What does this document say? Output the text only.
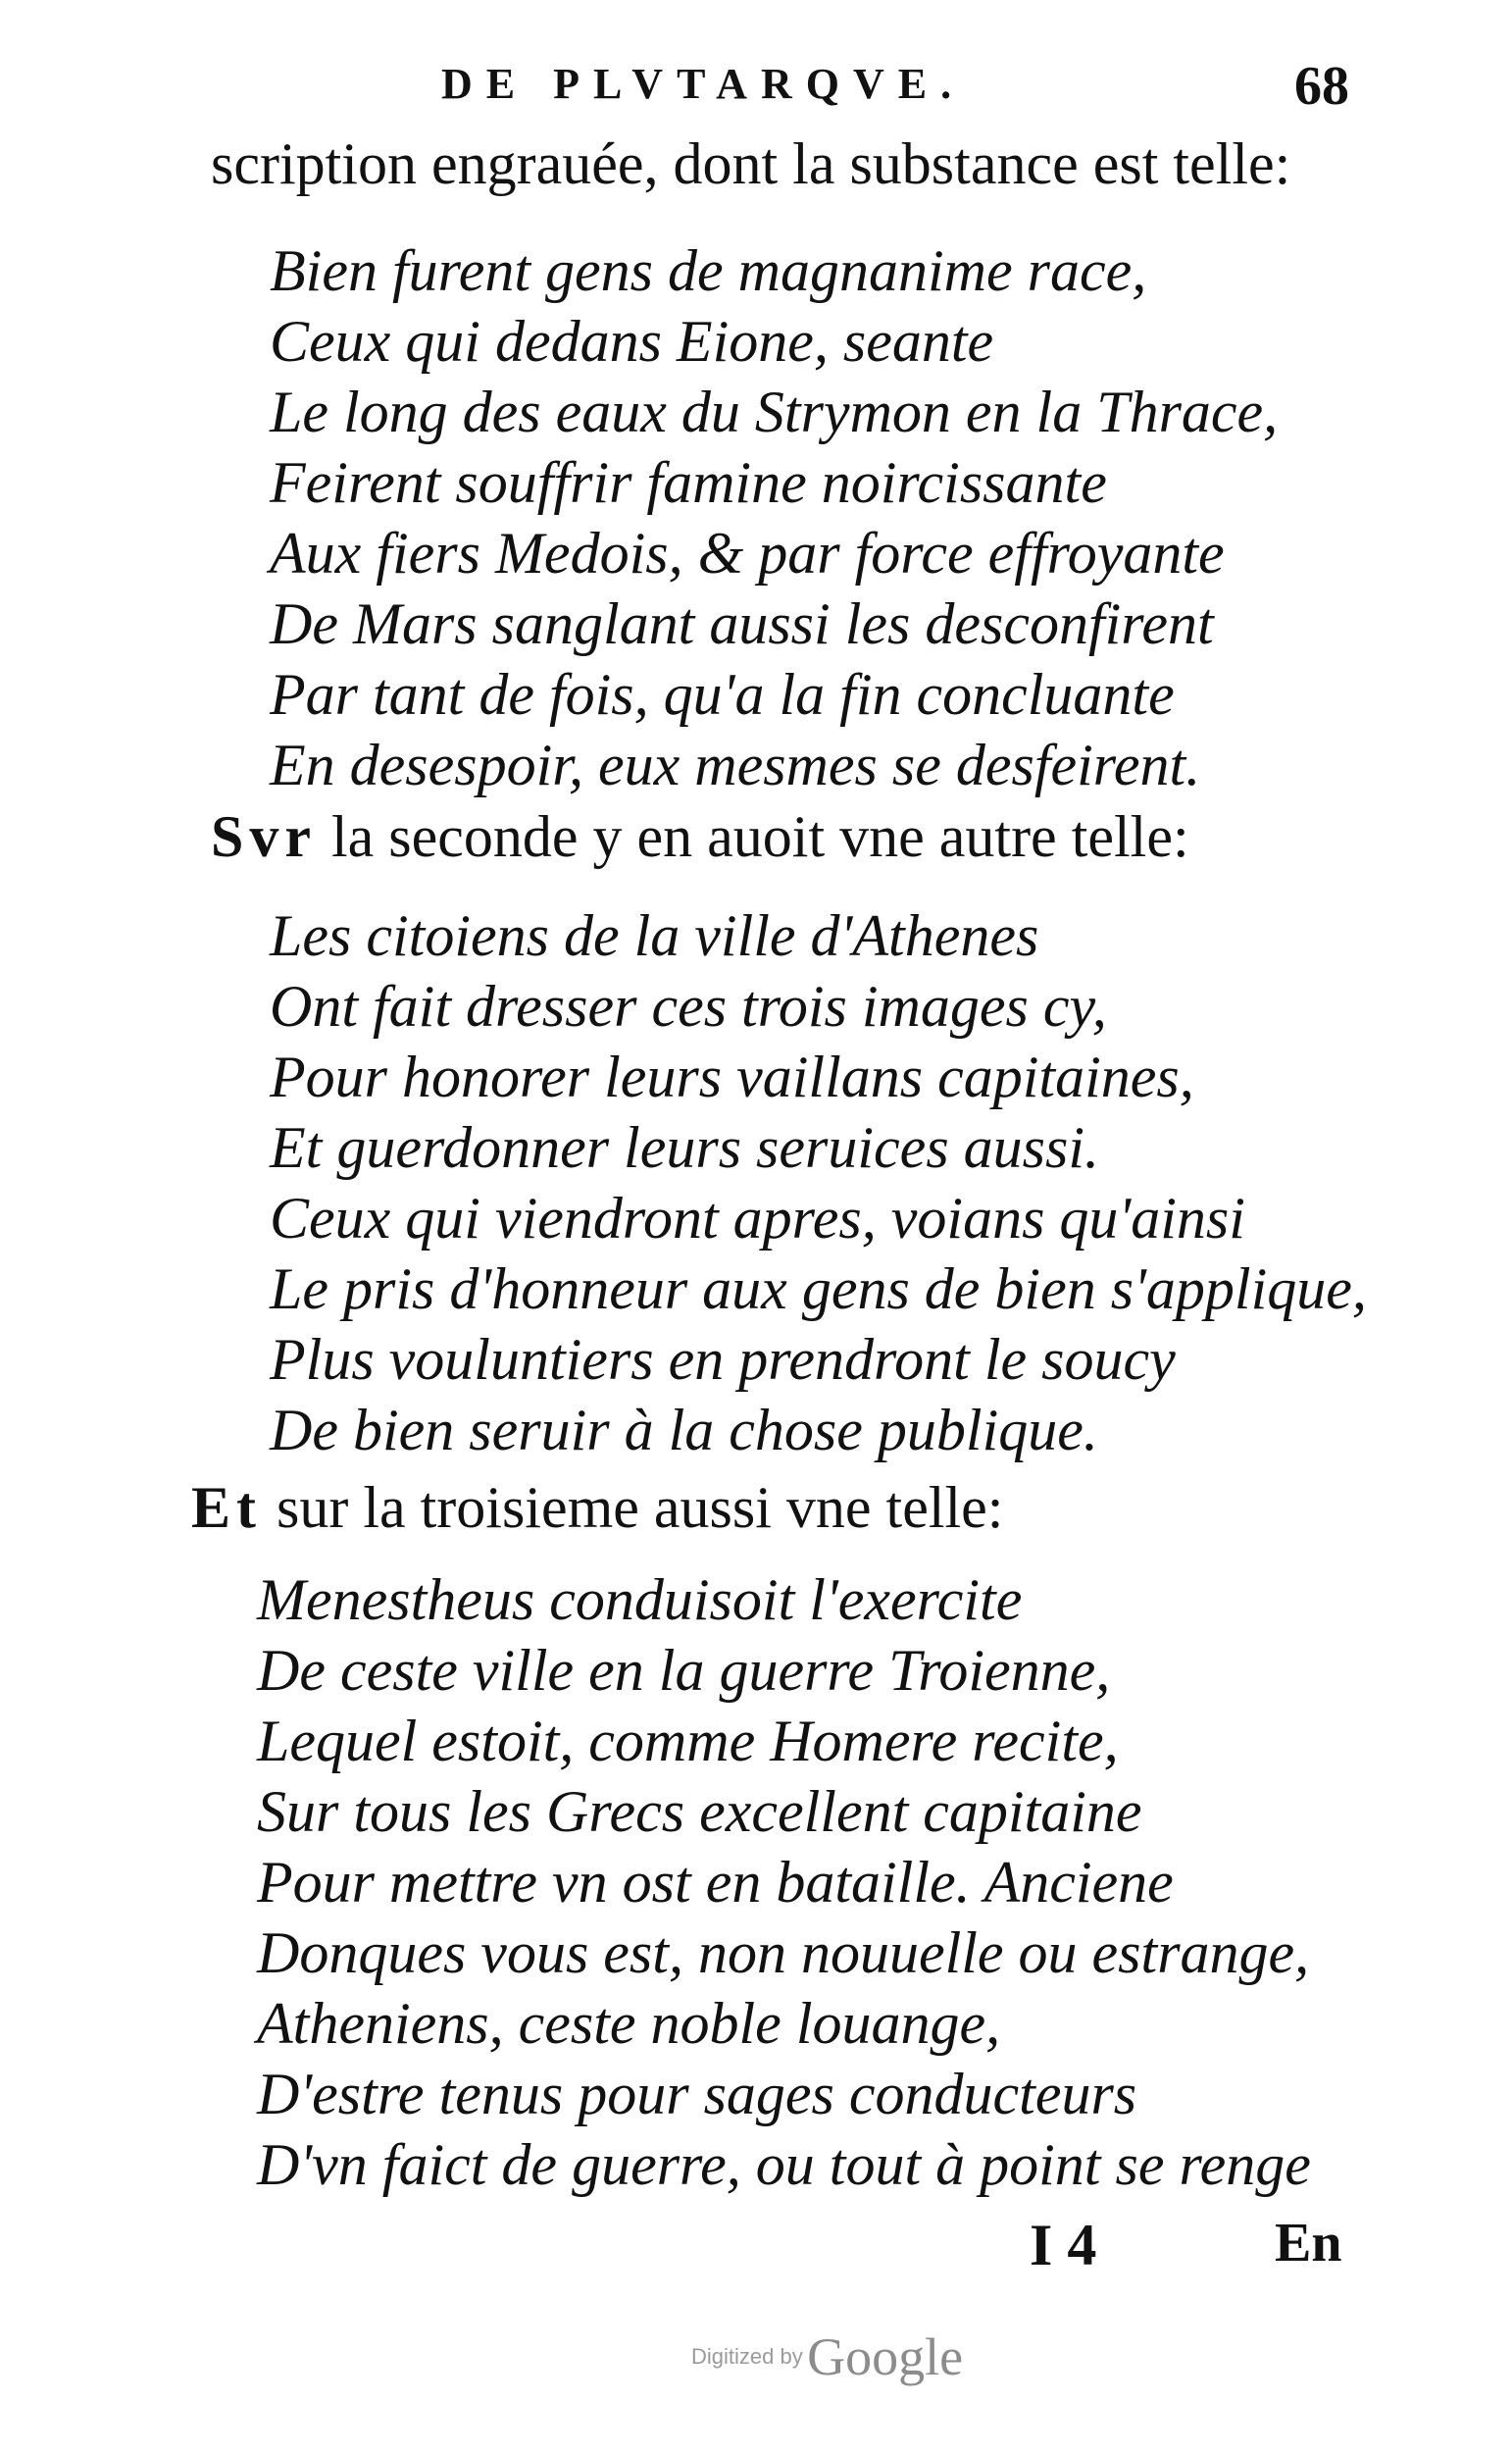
DE PLVTARQVE.	68
scription engrauée, dont la substance est telle:
Bien furent gens de magnanime race,
Ceux qui dedans Eione, seante
Le long des eaux du Strymon en la Thrace,
Feirent souffrir famine noircissante
Aux fiers Medois, & par force effroyante
De Mars sanglant aussi les desconfirent
Par tant de fois, qu'a la fin concluante
En desespoir, eux mesmes se desfeirent.
Svr la seconde y en auoit vne autre telle:
Les citoiens de la ville d'Athenes
Ont fait dresser ces trois images cy,
Pour honorer leurs vaillans capitaines,
Et guerdonner leurs seruices aussi.
Ceux qui viendront apres, voians qu'ainsi
Le pris d'honneur aux gens de bien s'applique,
Plus vouluntiers en prendront le soucy
De bien seruir à la chose publique.
Et sur la troisieme aussi vne telle:
Menestheus conduisoit l'exercite
De ceste ville en la guerre Troienne,
Lequel estoit, comme Homere recite,
Sur tous les Grecs excellent capitaine
Pour mettre vn ost en bataille. Anciene
Donques vous est, non nouuelle ou estrange,
Atheniens, ceste noble louange,
D'estre tenus pour sages conducteurs
D'vn faict de guerre, ou tout à point se renge
I 4	En
Digitized by Google
